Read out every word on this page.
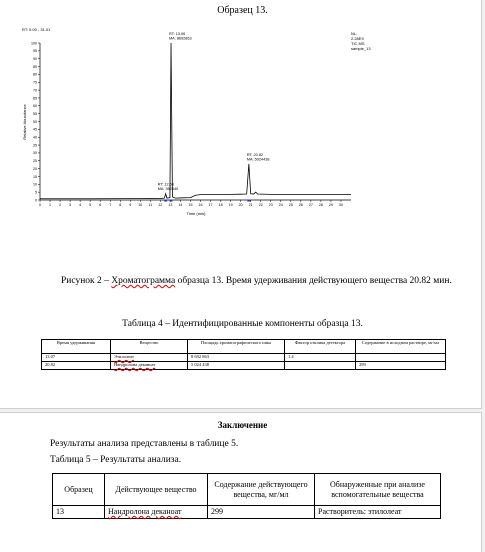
Образец 13.
RT: 0.00 - 31.01
NL:
2.28E9
TIC MS
sample_13
Relative Abundance
Time (min)
0
5
10
15
20
25
30
35
40
45
50
55
60
65
70
75
80
85
90
95
100
0 1 2 3 4 5 6 7 8 9 10 11 12 13 14 15 16 17 18 19 20 21 22 23 24 25 26 27 28 29 30
RT: 12.53
MA: 352440
RT: 13.06
MA: 8692863
RT: 20.82
MA: 5024438
Рисунок 2 – Хроматограмма образца 13. Время удерживания действующего вещества 20.82 мин.
Таблица 4 – Идентифицированные компоненты образца 13.
Время удерживания	Вещество	Площадь хроматографического пика	Фактор отклика детектора	Содержание в исходном растворе, мг/мл
13.07	Этилолеат	8 692 863	1.4	
20.82	Нандролона деканоат	5 024 438		299
Заключение
Результаты анализа представлены в таблице 5.
Таблица 5 – Результаты анализа.
Образец	Действующее вещество	Содержание действующего вещества, мг/мл	Обнаруженные при анализе вспомогательные вещества
13	Нандролона деканоат	299	Растворитель: этилолеат
